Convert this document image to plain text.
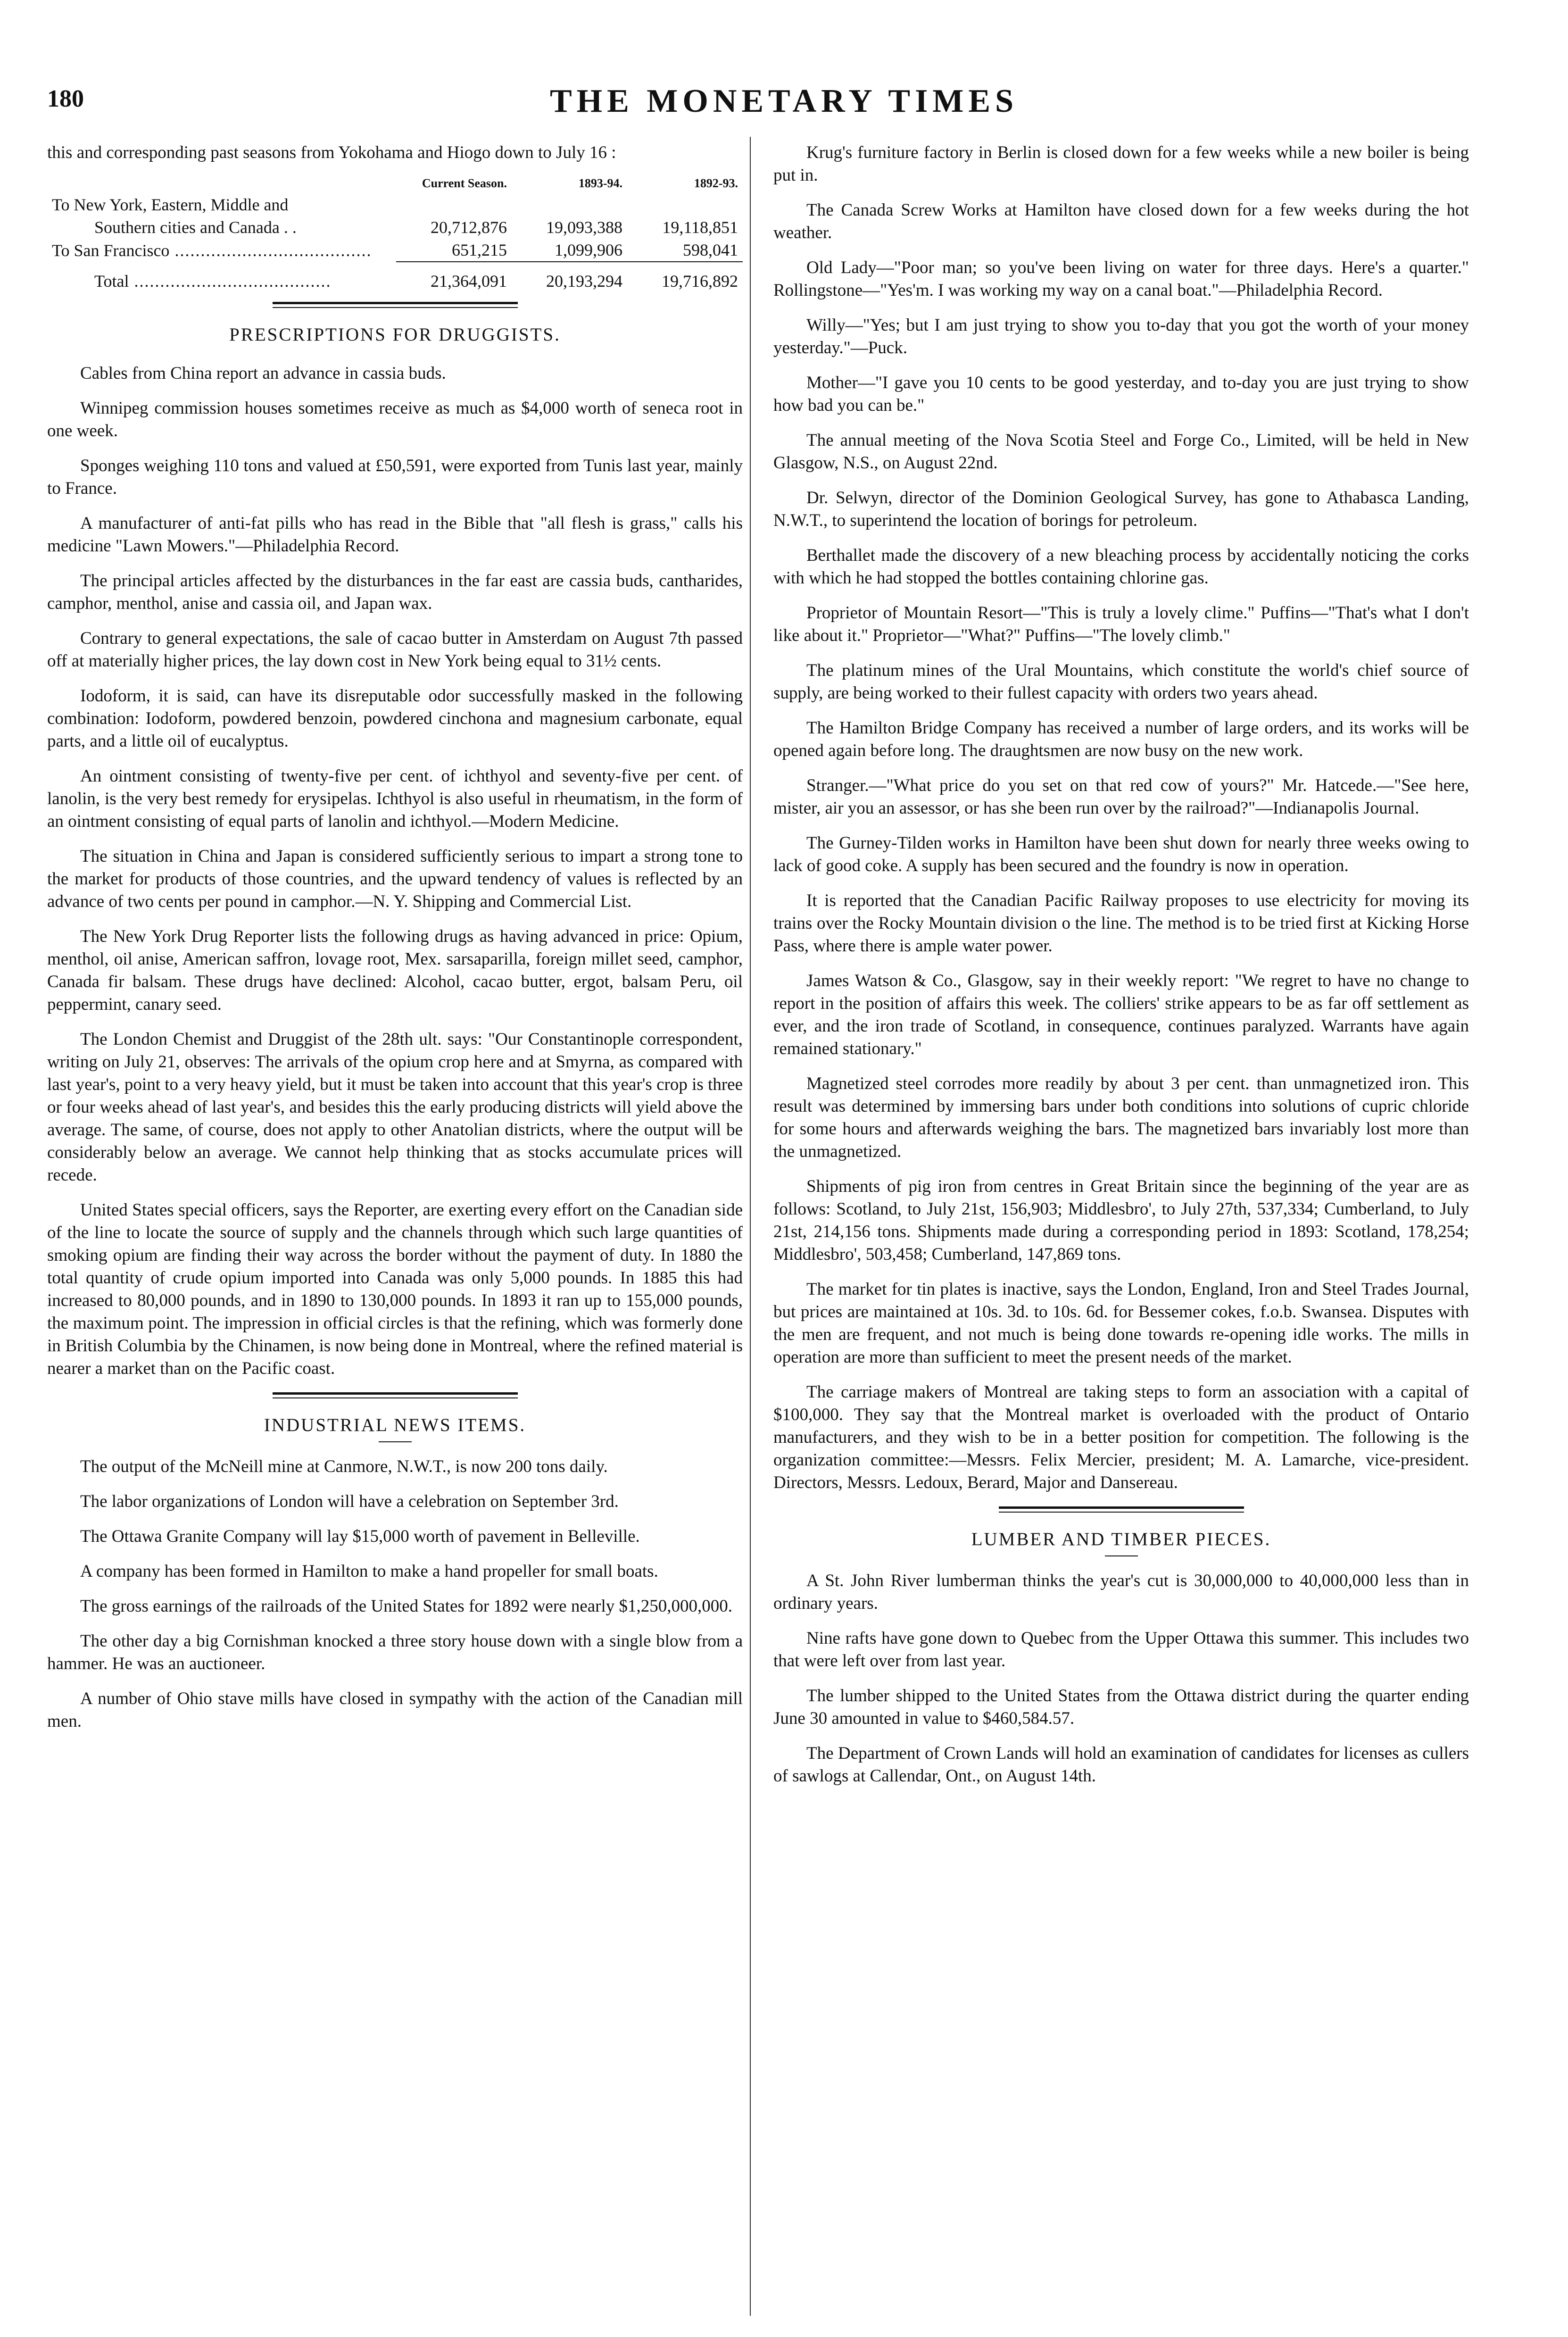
180	THE MONETARY TIMES

this and corresponding past seasons from Yokohama and Hiogo down to July 16 :

	Current Season.	1893-94.	1892-93.
To New York, Eastern, Middle and			
Southern cities and Canada . .	20,712,876	19,093,388	19,118,851
To San Francisco .....	651,215	1,099,906	598,041
Total .....	21,364,091	20,193,294	19,716,892
PRESCRIPTIONS FOR DRUGGISTS.

Cables from China report an advance in cassia buds.

Winnipeg commission houses sometimes receive as much as $4,000 worth of seneca root in one week.

Sponges weighing 110 tons and valued at £50,591, were exported from Tunis last year, mainly to France.

A manufacturer of anti-fat pills who has read in the Bible that "all flesh is grass," calls his medicine "Lawn Mowers."—Philadelphia Record.

The principal articles affected by the disturbances in the far east are cassia buds, cantharides, camphor, menthol, anise and cassia oil, and Japan wax.

Contrary to general expectations, the sale of cacao butter in Amsterdam on August 7th passed off at materially higher prices, the lay down cost in New York being equal to 31½ cents.

Iodoform, it is said, can have its disreputable odor successfully masked in the following combination: Iodoform, powdered benzoin, powdered cinchona and magnesium carbonate, equal parts, and a little oil of eucalyptus.

An ointment consisting of twenty-five per cent. of ichthyol and seventy-five per cent. of lanolin, is the very best remedy for erysipelas. Ichthyol is also useful in rheumatism, in the form of an ointment consisting of equal parts of lanolin and ichthyol.—Modern Medicine.

The situation in China and Japan is considered sufficiently serious to impart a strong tone to the market for products of those countries, and the upward tendency of values is reflected by an advance of two cents per pound in camphor.—N. Y. Shipping and Commercial List.

The New York Drug Reporter lists the following drugs as having advanced in price: Opium, menthol, oil anise, American saffron, lovage root, Mex. sarsaparilla, foreign millet seed, camphor, Canada fir balsam. These drugs have declined: Alcohol, cacao butter, ergot, balsam Peru, oil peppermint, canary seed.

The London Chemist and Druggist of the 28th ult. says: "Our Constantinople correspondent, writing on July 21, observes: The arrivals of the opium crop here and at Smyrna, as compared with last year's, point to a very heavy yield, but it must be taken into account that this year's crop is three or four weeks ahead of last year's, and besides this the early producing districts will yield above the average. The same, of course, does not apply to other Anatolian districts, where the output will be considerably below an average. We cannot help thinking that as stocks accumulate prices will recede.

United States special officers, says the Reporter, are exerting every effort on the Canadian side of the line to locate the source of supply and the channels through which such large quantities of smoking opium are finding their way across the border without the payment of duty. In 1880 the total quantity of crude opium imported into Canada was only 5,000 pounds. In 1885 this had increased to 80,000 pounds, and in 1890 to 130,000 pounds. In 1893 it ran up to 155,000 pounds, the maximum point. The impression in official circles is that the refining, which was formerly done in British Columbia by the Chinamen, is now being done in Montreal, where the refined material is nearer a market than on the Pacific coast.

INDUSTRIAL NEWS ITEMS.

The output of the McNeill mine at Canmore, N.W.T., is now 200 tons daily.

The labor organizations of London will have a celebration on September 3rd.

The Ottawa Granite Company will lay $15,000 worth of pavement in Belleville.

A company has been formed in Hamilton to make a hand propeller for small boats.

The gross earnings of the railroads of the United States for 1892 were nearly $1,250,000,000.

The other day a big Cornishman knocked a three story house down with a single blow from a hammer. He was an auctioneer.

A number of Ohio stave mills have closed in sympathy with the action of the Canadian mill men.

Krug's furniture factory in Berlin is closed down for a few weeks while a new boiler is being put in.

The Canada Screw Works at Hamilton have closed down for a few weeks during the hot weather.

Old Lady—"Poor man; so you've been living on water for three days. Here's a quarter." Rollingstone—"Yes'm. I was working my way on a canal boat."—Philadelphia Record.

Willy—"Yes; but I am just trying to show you to-day that you got the worth of your money yesterday."—Puck.

Mother—"I gave you 10 cents to be good yesterday, and to-day you are just trying to show how bad you can be."

The annual meeting of the Nova Scotia Steel and Forge Co., Limited, will be held in New Glasgow, N.S., on August 22nd.

Dr. Selwyn, director of the Dominion Geological Survey, has gone to Athabasca Landing, N.W.T., to superintend the location of borings for petroleum.

Berthallet made the discovery of a new bleaching process by accidentally noticing the corks with which he had stopped the bottles containing chlorine gas.

Proprietor of Mountain Resort—"This is truly a lovely clime." Puffins—"That's what I don't like about it." Proprietor—"What?" Puffins—"The lovely climb."

The platinum mines of the Ural Mountains, which constitute the world's chief source of supply, are being worked to their fullest capacity with orders two years ahead.

The Hamilton Bridge Company has received a number of large orders, and its works will be opened again before long. The draughtsmen are now busy on the new work.

Stranger.—"What price do you set on that red cow of yours?" Mr. Hatcede.—"See here, mister, air you an assessor, or has she been run over by the railroad?"—Indianapolis Journal.

The Gurney-Tilden works in Hamilton have been shut down for nearly three weeks owing to lack of good coke. A supply has been secured and the foundry is now in operation.

It is reported that the Canadian Pacific Railway proposes to use electricity for moving its trains over the Rocky Mountain division o the line. The method is to be tried first at Kicking Horse Pass, where there is ample water power.

James Watson & Co., Glasgow, say in their weekly report: "We regret to have no change to report in the position of affairs this week. The colliers' strike appears to be as far off settlement as ever, and the iron trade of Scotland, in consequence, continues paralyzed. Warrants have again remained stationary."

Magnetized steel corrodes more readily by about 3 per cent. than unmagnetized iron. This result was determined by immersing bars under both conditions into solutions of cupric chloride for some hours and afterwards weighing the bars. The magnetized bars invariably lost more than the unmagnetized.

Shipments of pig iron from centres in Great Britain since the beginning of the year are as follows: Scotland, to July 21st, 156,903; Middlesbro', to July 27th, 537,334; Cumberland, to July 21st, 214,156 tons. Shipments made during a corresponding period in 1893: Scotland, 178,254; Middlesbro', 503,458; Cumberland, 147,869 tons.

The market for tin plates is inactive, says the London, England, Iron and Steel Trades Journal, but prices are maintained at 10s. 3d. to 10s. 6d. for Bessemer cokes, f.o.b. Swansea. Disputes with the men are frequent, and not much is being done towards re-opening idle works. The mills in operation are more than sufficient to meet the present needs of the market.

The carriage makers of Montreal are taking steps to form an association with a capital of $100,000. They say that the Montreal market is overloaded with the product of Ontario manufacturers, and they wish to be in a better position for competition. The following is the organization committee:—Messrs. Felix Mercier, president; M. A. Lamarche, vice-president. Directors, Messrs. Ledoux, Berard, Major and Dansereau.

LUMBER AND TIMBER PIECES.

A St. John River lumberman thinks the year's cut is 30,000,000 to 40,000,000 less than in ordinary years.

Nine rafts have gone down to Quebec from the Upper Ottawa this summer. This includes two that were left over from last year.

The lumber shipped to the United States from the Ottawa district during the quarter ending June 30 amounted in value to $460,584.57.

The Department of Crown Lands will hold an examination of candidates for licenses as cullers of sawlogs at Callendar, Ont., on August 14th.
